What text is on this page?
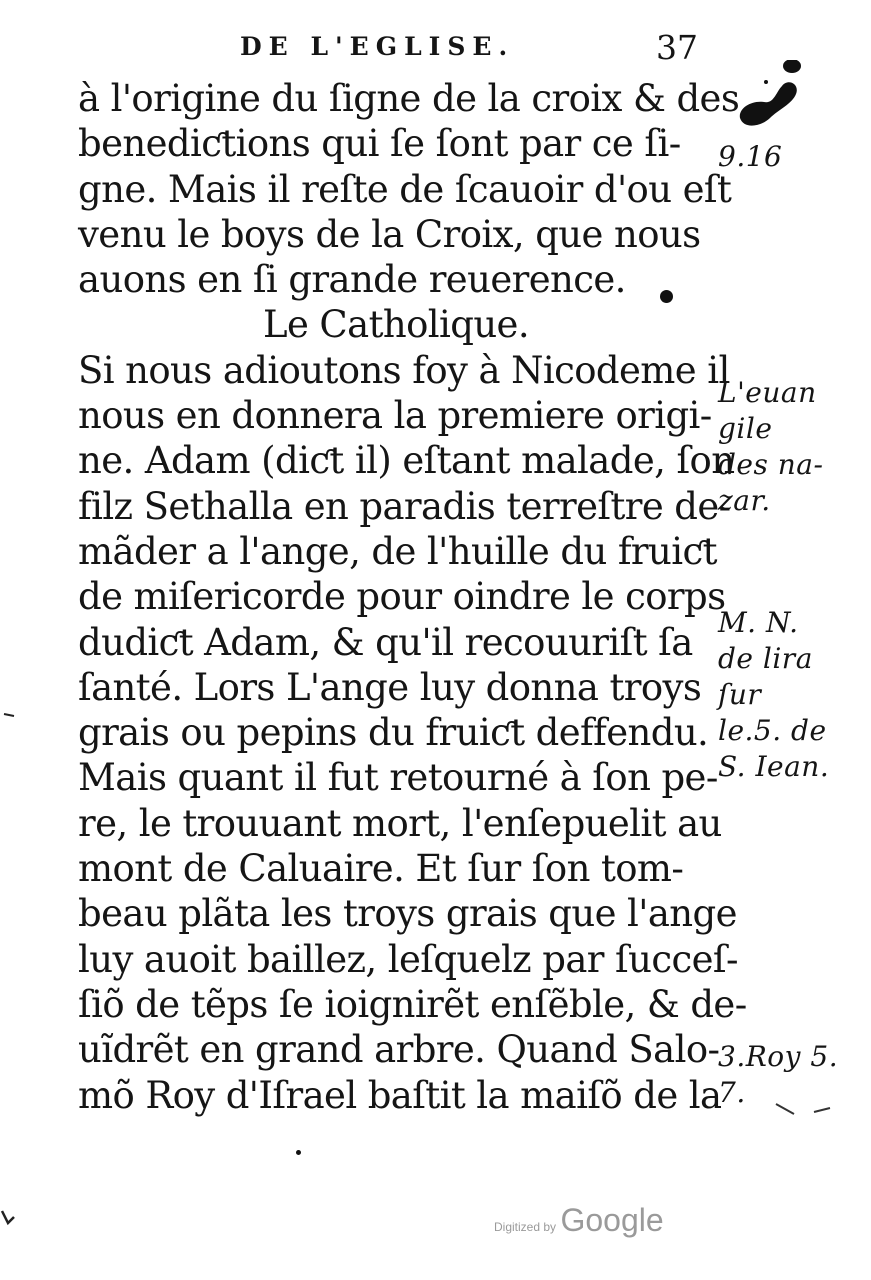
DE L'EGLISE.	37
à l'origine du ſigne de la croix & des
benediƈtions qui ſe ſont par ce ſi-
gne. Mais il reſte de ſcauoir d'ou eſt
venu le boys de la Croix, que nous
auons en ſi grande reuerence.
Le Catholique.
Si nous adioutons foy à Nicodeme il
nous en donnera la premiere origi-
ne. Adam (diƈt il) eſtant malade, ſon
filz Sethalla en paradis terreſtre de-
mãder a l'ange, de l'huille du fruiƈt
de miſericorde pour oindre le corps
dudiƈt Adam, & qu'il recouuriſt ſa
ſanté. Lors L'ange luy donna troys
grais ou pepins du fruiƈt deffendu.
Mais quant il fut retourné à ſon pe-
re, le trouuant mort, l'enſepuelit au
mont de Caluaire. Et ſur ſon tom-
beau plãta les troys grais que l'ange
luy auoit baillez, leſquelz par ſucceſ-
ſiõ de tẽps ſe ioignirẽt enſẽble, & de-
uĩdrẽt en grand arbre. Quand Salo-
mõ Roy d'Iſrael baſtit la maiſõ de la
9.16
L'euan
gile
des na-
zar.
M. N.
de lira
ſur
le.5. de
S. Iean.
3.Roy 5.
7.
Digitized by Google
